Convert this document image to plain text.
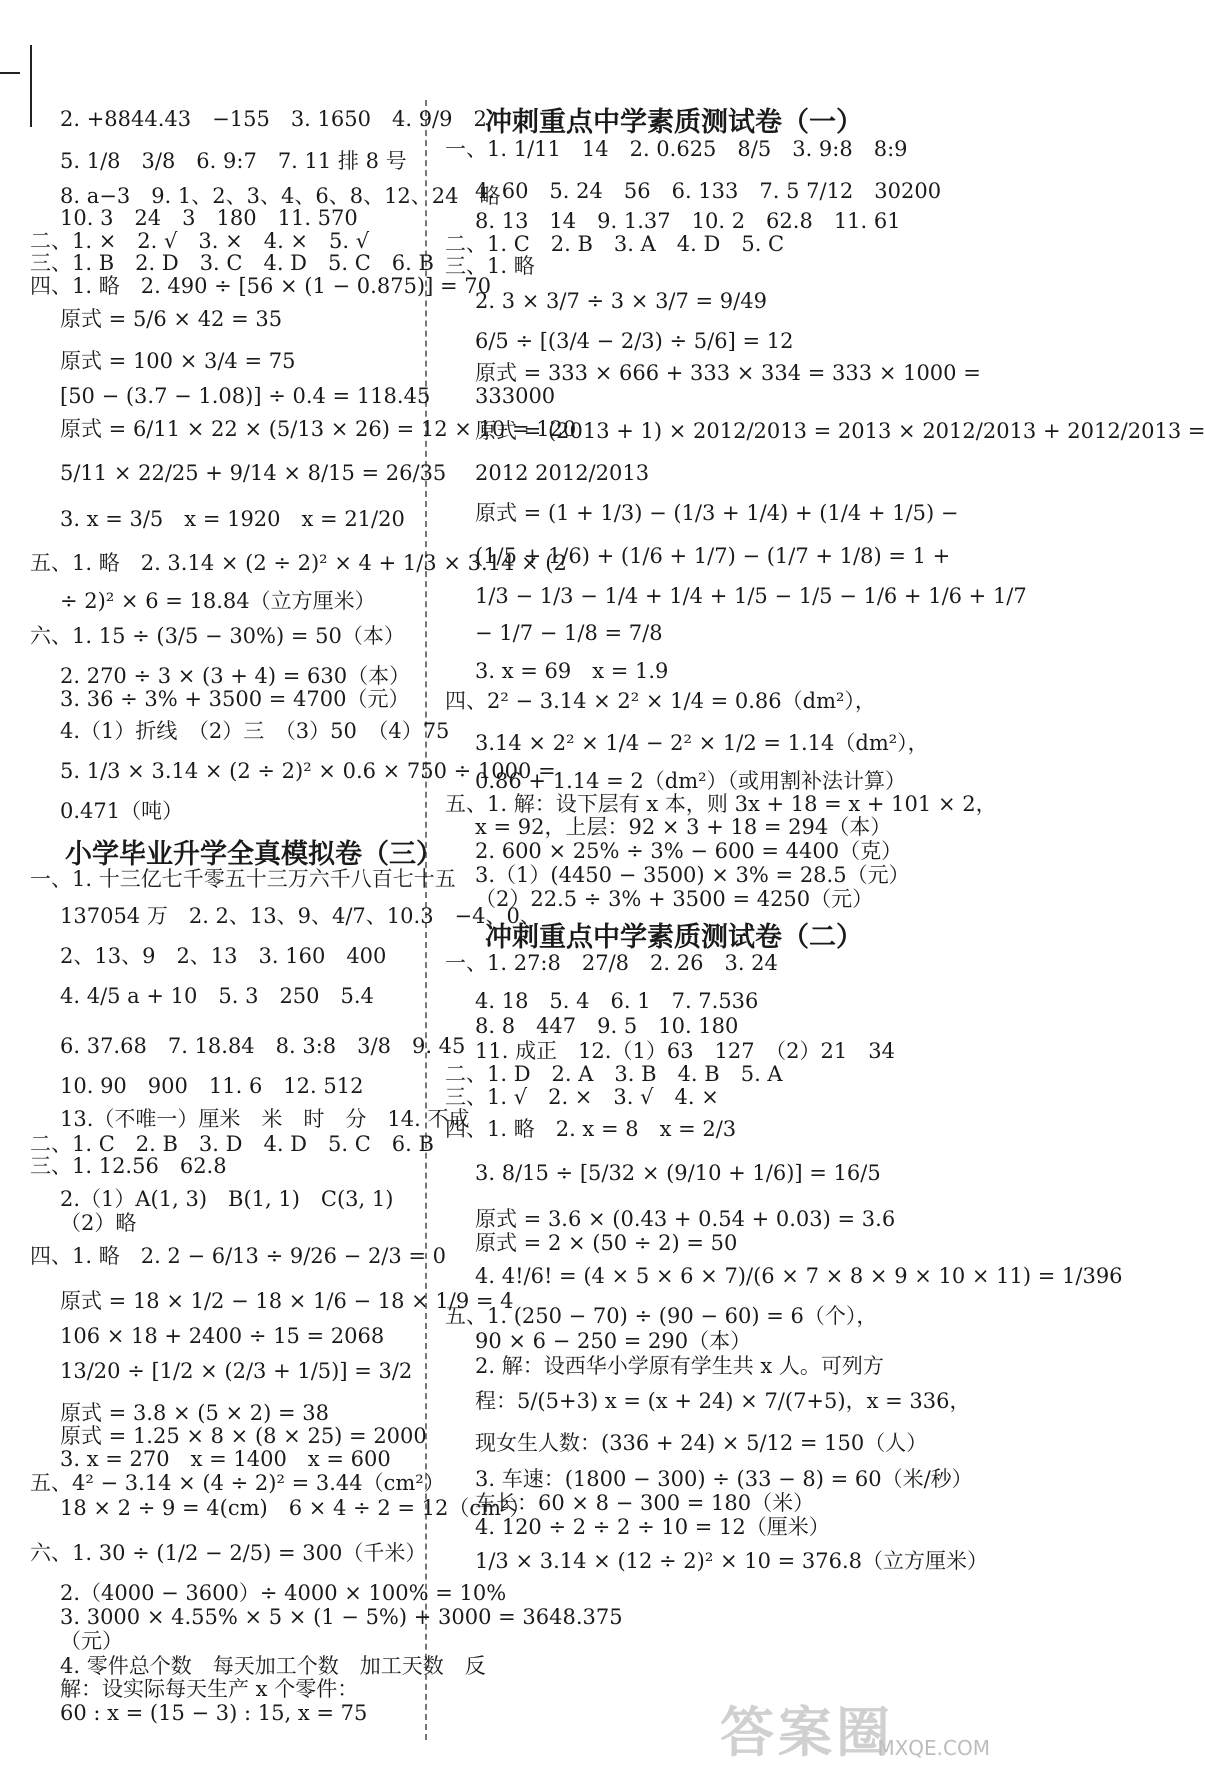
2. +8844.43　−155　3. 1650　4. 9/9　2
5. 1/8　3/8　6. 9:7　7. 11 排 8 号
8. a−3　9. 1、2、3、4、6、8、12、24　略
10. 3　24　3　180　11. 570
二、1. ×　2. √　3. ×　4. ×　5. √
三、1. B　2. D　3. C　4. D　5. C　6. B
四、1. 略　2. 490 ÷ [56 × (1 − 0.875)] = 70
原式 = 5/6 × 42 = 35
原式 = 100 × 3/4 = 75
[50 − (3.7 − 1.08)] ÷ 0.4 = 118.45
原式 = 6/11 × 22 × (5/13 × 26) = 12 × 10 = 120
5/11 × 22/25 + 9/14 × 8/15 = 26/35
3. x = 3/5　x = 1920　x = 21/20
五、1. 略　2. 3.14 × (2 ÷ 2)² × 4 + 1/3 × 3.14 × (2
÷ 2)² × 6 = 18.84（立方厘米）
六、1. 15 ÷ (3/5 − 30%) = 50（本）
2. 270 ÷ 3 × (3 + 4) = 630（本）
3. 36 ÷ 3% + 3500 = 4700（元）
4.（1）折线　（2）三　（3）50　（4）75
5. 1/3 × 3.14 × (2 ÷ 2)² × 0.6 × 750 ÷ 1000 =
0.471（吨）
小学毕业升学全真模拟卷（三）
一、1. 十三亿七千零五十三万六千八百七十五
137054 万　2. 2、13、9、4/7、10.3　−4、0、
2、13、9　2、13　3. 160　400
4. 4/5 a + 10　5. 3　250　5.4
6. 37.68　7. 18.84　8. 3:8　3/8　9. 45
10. 90　900　11. 6　12. 512
13.（不唯一）厘米　米　时　分　14. 不成
二、1. C　2. B　3. D　4. D　5. C　6. B
三、1. 12.56　62.8
2.（1）A(1, 3)　B(1, 1)　C(3, 1)
（2）略
四、1. 略　2. 2 − 6/13 ÷ 9/26 − 2/3 = 0
原式 = 18 × 1/2 − 18 × 1/6 − 18 × 1/9 = 4
106 × 18 + 2400 ÷ 15 = 2068
13/20 ÷ [1/2 × (2/3 + 1/5)] = 3/2
原式 = 3.8 × (5 × 2) = 38
原式 = 1.25 × 8 × (8 × 25) = 2000
3. x = 270　x = 1400　x = 600
五、4² − 3.14 × (4 ÷ 2)² = 3.44（cm²）
18 × 2 ÷ 9 = 4(cm)　6 × 4 ÷ 2 = 12（cm²）
六、1. 30 ÷ (1/2 − 2/5) = 300（千米）
2.（4000 − 3600）÷ 4000 × 100% = 10%
3. 3000 × 4.55% × 5 × (1 − 5%) + 3000 = 3648.375
（元）
4. 零件总个数　每天加工个数　加工天数　反
解：设实际每天生产 x 个零件：
60 : x = (15 − 3) : 15, x = 75
冲刺重点中学素质测试卷（一）
一、1. 1/11　14　2. 0.625　8/5　3. 9:8　8:9
4. 60　5. 24　56　6. 133　7. 5 7/12　30200
8. 13　14　9. 1.37　10. 2　62.8　11. 61
二、1. C　2. B　3. A　4. D　5. C
三、1. 略
2. 3 × 3/7 ÷ 3 × 3/7 = 9/49
6/5 ÷ [(3/4 − 2/3) ÷ 5/6] = 12
原式 = 333 × 666 + 333 × 334 = 333 × 1000 =
333000
原式 = (2013 + 1) × 2012/2013 = 2013 × 2012/2013 + 2012/2013 =
2012 2012/2013
原式 = (1 + 1/3) − (1/3 + 1/4) + (1/4 + 1/5) −
(1/5 + 1/6) + (1/6 + 1/7) − (1/7 + 1/8) = 1 +
1/3 − 1/3 − 1/4 + 1/4 + 1/5 − 1/5 − 1/6 + 1/6 + 1/7
− 1/7 − 1/8 = 7/8
3. x = 69　x = 1.9
四、2² − 3.14 × 2² × 1/4 = 0.86（dm²），
3.14 × 2² × 1/4 − 2² × 1/2 = 1.14（dm²），
0.86 + 1.14 = 2（dm²）（或用割补法计算）
五、1. 解：设下层有 x 本，则 3x + 18 = x + 101 × 2，
x = 92，上层：92 × 3 + 18 = 294（本）
2. 600 × 25% ÷ 3% − 600 = 4400（克）
3.（1）(4450 − 3500) × 3% = 28.5（元）
（2）22.5 ÷ 3% + 3500 = 4250（元）
冲刺重点中学素质测试卷（二）
一、1. 27:8　27/8　2. 26　3. 24
4. 18　5. 4　6. 1　7. 7.536
8. 8　447　9. 5　10. 180
11. 成正　12.（1）63　127　（2）21　34
二、1. D　2. A　3. B　4. B　5. A
三、1. √　2. ×　3. √　4. ×
四、1. 略　2. x = 8　x = 2/3
3. 8/15 ÷ [5/32 × (9/10 + 1/6)] = 16/5
原式 = 3.6 × (0.43 + 0.54 + 0.03) = 3.6
原式 = 2 × (50 ÷ 2) = 50
4. 4!/6! = (4 × 5 × 6 × 7)/(6 × 7 × 8 × 9 × 10 × 11) = 1/396
五、1. (250 − 70) ÷ (90 − 60) = 6（个），
90 × 6 − 250 = 290（本）
2. 解：设西华小学原有学生共 x 人。可列方
程：5/(5+3) x = (x + 24) × 7/(7+5)，x = 336，
现女生人数：(336 + 24) × 5/12 = 150（人）
3. 车速：(1800 − 300) ÷ (33 − 8) = 60（米/秒）
车长：60 × 8 − 300 = 180（米）
4. 120 ÷ 2 ÷ 2 ÷ 10 = 12（厘米）
1/3 × 3.14 × (12 ÷ 2)² × 10 = 376.8（立方厘米）
答案圈
MXQE.COM
